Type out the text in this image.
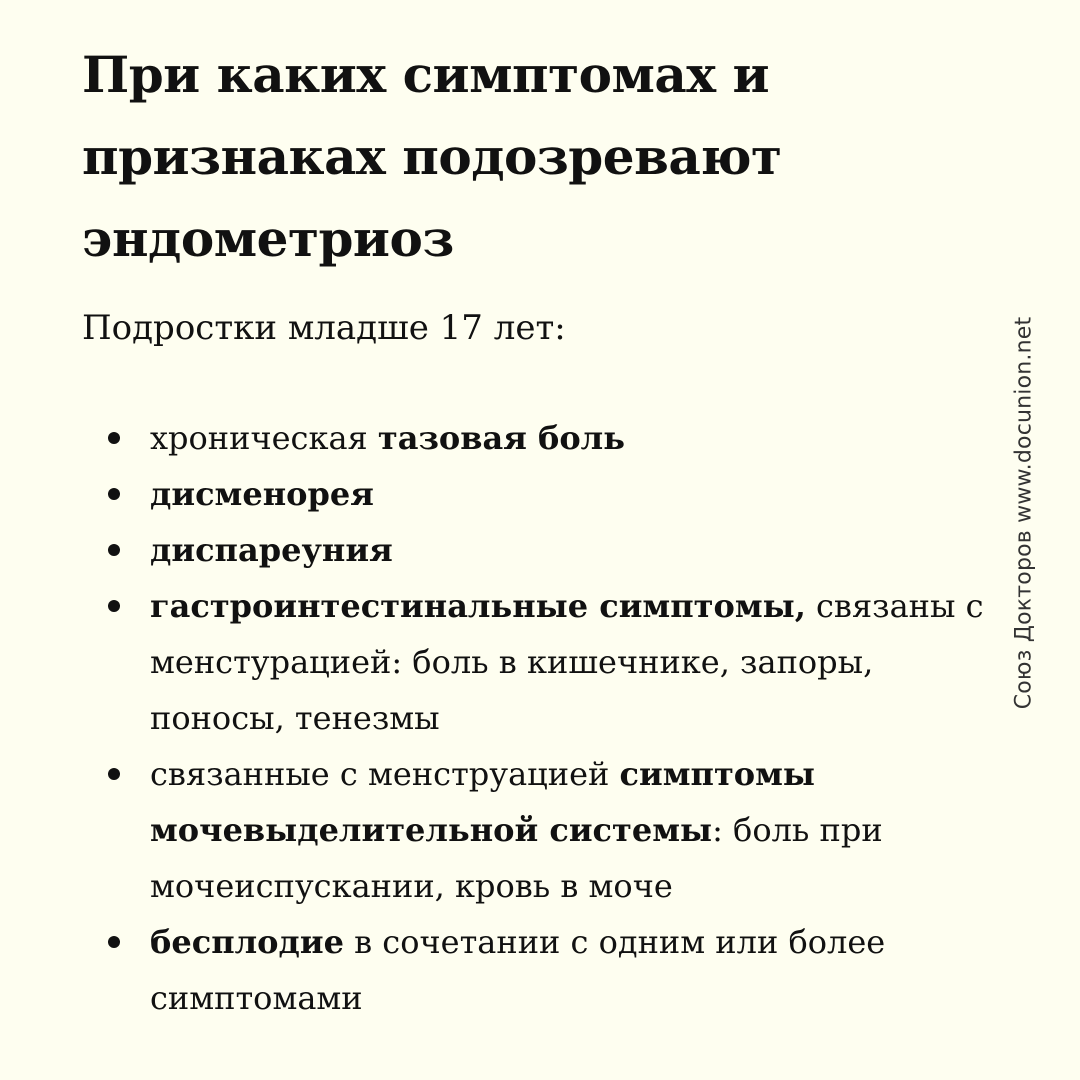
При каких симптомах и признаках подозревают эндометриоз

Подростки младше 17 лет:

хроническая тазовая боль
дисменорея
диспареуния
гастроинтестинальные симптомы, связаны с менстурацией: боль в кишечнике, запоры, поносы, тенезмы
связанные с менструацией симптомы мочевыделительной системы: боль при мочеиспускании, кровь в моче
бесплодие в сочетании с одним или более симптомами
Союз Докторов www.docunion.net
